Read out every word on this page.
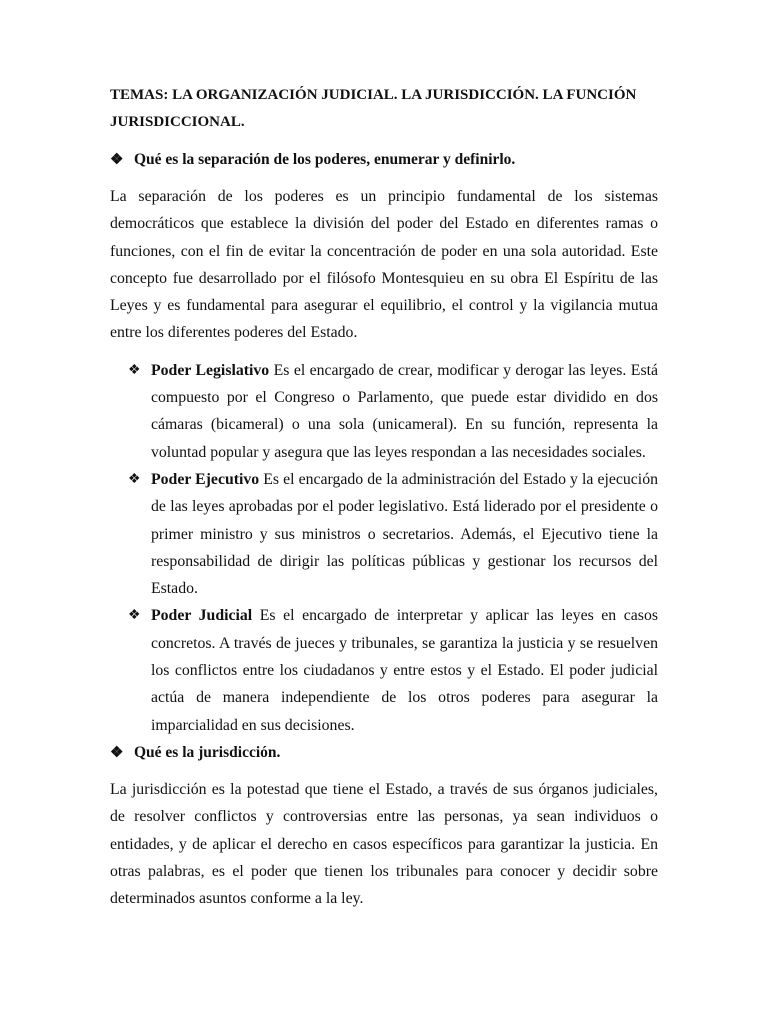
TEMAS: LA ORGANIZACIÓN JUDICIAL. LA JURISDICCIÓN. LA FUNCIÓN JURISDICCIONAL.

❖ Qué es la separación de los poderes, enumerar y definirlo.

La separación de los poderes es un principio fundamental de los sistemas democráticos que establece la división del poder del Estado en diferentes ramas o funciones, con el fin de evitar la concentración de poder en una sola autoridad. Este concepto fue desarrollado por el filósofo Montesquieu en su obra El Espíritu de las Leyes y es fundamental para asegurar el equilibrio, el control y la vigilancia mutua entre los diferentes poderes del Estado.

❖ Poder Legislativo Es el encargado de crear, modificar y derogar las leyes. Está compuesto por el Congreso o Parlamento, que puede estar dividido en dos cámaras (bicameral) o una sola (unicameral). En su función, representa la voluntad popular y asegura que las leyes respondan a las necesidades sociales.
❖ Poder Ejecutivo Es el encargado de la administración del Estado y la ejecución de las leyes aprobadas por el poder legislativo. Está liderado por el presidente o primer ministro y sus ministros o secretarios. Además, el Ejecutivo tiene la responsabilidad de dirigir las políticas públicas y gestionar los recursos del Estado.
❖ Poder Judicial Es el encargado de interpretar y aplicar las leyes en casos concretos. A través de jueces y tribunales, se garantiza la justicia y se resuelven los conflictos entre los ciudadanos y entre estos y el Estado. El poder judicial actúa de manera independiente de los otros poderes para asegurar la imparcialidad en sus decisiones.
❖ Qué es la jurisdicción.

La jurisdicción es la potestad que tiene el Estado, a través de sus órganos judiciales, de resolver conflictos y controversias entre las personas, ya sean individuos o entidades, y de aplicar el derecho en casos específicos para garantizar la justicia. En otras palabras, es el poder que tienen los tribunales para conocer y decidir sobre determinados asuntos conforme a la ley.
